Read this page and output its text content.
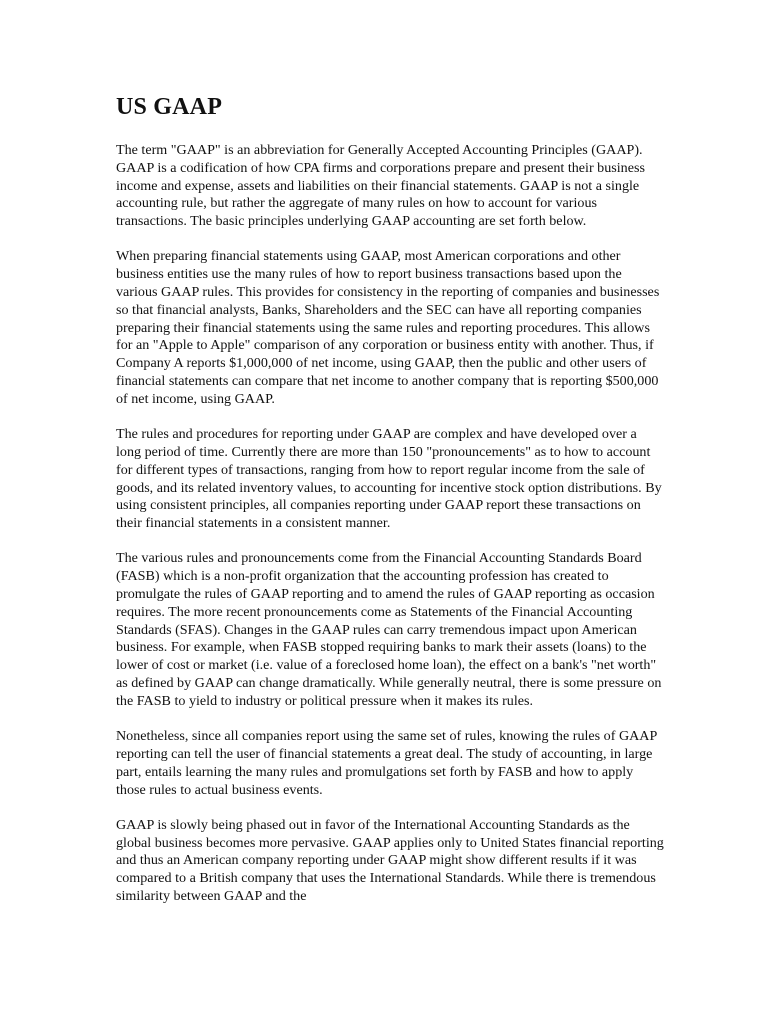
US GAAP

The term "GAAP" is an abbreviation for Generally Accepted Accounting Principles (GAAP). GAAP is a codification of how CPA firms and corporations prepare and present their business income and expense, assets and liabilities on their financial statements. GAAP is not a single accounting rule, but rather the aggregate of many rules on how to account for various transactions. The basic principles underlying GAAP accounting are set forth below.

When preparing financial statements using GAAP, most American corporations and other business entities use the many rules of how to report business transactions based upon the various GAAP rules. This provides for consistency in the reporting of companies and businesses so that financial analysts, Banks, Shareholders and the SEC can have all reporting companies preparing their financial statements using the same rules and reporting procedures. This allows for an "Apple to Apple" comparison of any corporation or business entity with another. Thus, if Company A reports $1,000,000 of net income, using GAAP, then the public and other users of financial statements can compare that net income to another company that is reporting $500,000 of net income, using GAAP.

The rules and procedures for reporting under GAAP are complex and have developed over a long period of time. Currently there are more than 150 "pronouncements" as to how to account for different types of transactions, ranging from how to report regular income from the sale of goods, and its related inventory values, to accounting for incentive stock option distributions. By using consistent principles, all companies reporting under GAAP report these transactions on their financial statements in a consistent manner.

The various rules and pronouncements come from the Financial Accounting Standards Board (FASB) which is a non-profit organization that the accounting profession has created to promulgate the rules of GAAP reporting and to amend the rules of GAAP reporting as occasion requires. The more recent pronouncements come as Statements of the Financial Accounting Standards (SFAS). Changes in the GAAP rules can carry tremendous impact upon American business. For example, when FASB stopped requiring banks to mark their assets (loans) to the lower of cost or market (i.e. value of a foreclosed home loan), the effect on a bank's "net worth" as defined by GAAP can change dramatically. While generally neutral, there is some pressure on the FASB to yield to industry or political pressure when it makes its rules.

Nonetheless, since all companies report using the same set of rules, knowing the rules of GAAP reporting can tell the user of financial statements a great deal. The study of accounting, in large part, entails learning the many rules and promulgations set forth by FASB and how to apply those rules to actual business events.

GAAP is slowly being phased out in favor of the International Accounting Standards as the global business becomes more pervasive. GAAP applies only to United States financial reporting and thus an American company reporting under GAAP might show different results if it was compared to a British company that uses the International Standards. While there is tremendous similarity between GAAP and the
